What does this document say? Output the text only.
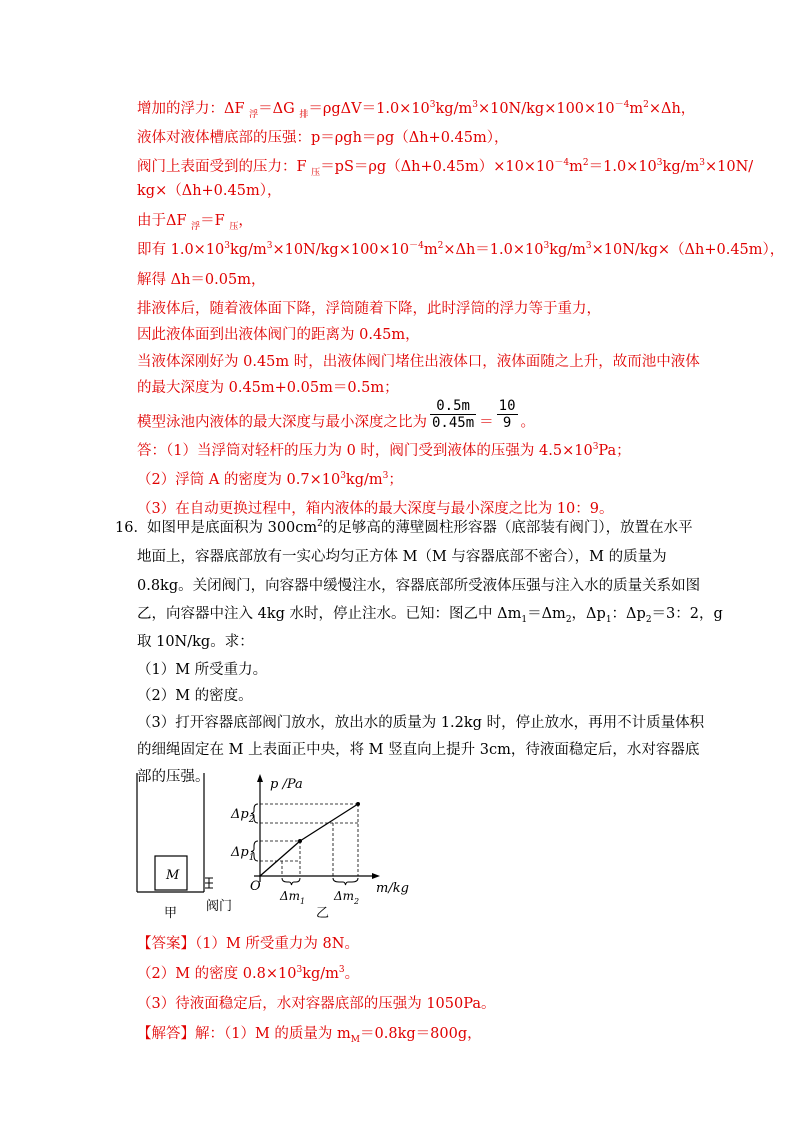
增加的浮力：ΔF $_浮$＝ΔG $_排=\rho g\Delta V=1.0\times 10^3kg/m^3\times 10N/kg\times 100\times 10^{-4}m^2\times\Delta h$，
液体对液体槽底部的压强：p＝ρgh＝ρg（Δh+0.45m），
阀门上表面受到的压力：F $_压=pS=\rho g(\Delta h+0.45m)\times 10\times 10^{-4}m^2=1.0\times 10^3kg/m^3\times 10N/$
kg×（Δh+0.45m），
由于ΔF $_浮$＝F $_压$，
即有 $1.0\times 10^3kg/m^3\times 10N/kg\times 100\times 10^{-4}m^2\times\Delta h=1.0\times 10^3kg/m^3\times 10N/kg\times(\Delta h+0.45m)$，
解得 Δh＝0.05m，
排液体后，随着液体面下降，浮筒随着下降，此时浮筒的浮力等于重力，
因此液体面到出液体阀门的距离为 0.45m，
当液体深刚好为 0.45m 时，出液体阀门堵住出液体口，液体面随之上升，故而池中液体
的最大深度为 0.45m+0.05m＝0.5m；
模型泳池内液体的最大深度与最小深度之比为 $\frac{0.5m}{0.45m} = \frac{10}{9}$ 。
答：（1）当浮筒对轻杆的压力为 0 时，阀门受到液体的压强为 $4.5\times 10^3Pa$；
（2）浮筒 A 的密度为 $0.7\times 10^3kg/m^3$；
（3）在自动更换过程中，箱内液体的最大深度与最小深度之比为 10：9。
16． 如图甲是底面积为 $300cm^2$的足够高的薄壁圆柱形容器（底部装有阀门），放置在水平
地面上，容器底部放有一实心均匀正方体 M（M 与容器底部不密合），M 的质量为
0.8kg。关闭阀门，向容器中缓慢注水，容器底部所受液体压强与注入水的质量关系如图
乙，向容器中注入 4kg 水时，停止注水。已知：图乙中 $\Delta m_1=\Delta m_2$，$\Delta p_1$：$\Delta p_2=3$：2，g
取 10N/kg。求：
（1）M 所受重力。
（2）M 的密度。
（3）打开容器底部阀门放水，放出水的质量为 1.2kg 时，停止放水，再用不计质量体积
的细绳固定在 M 上表面正中央，将 M 竖直向上提升 3cm，待液面稳定后，水对容器底
部的压强。
M
甲 阀门
p /Pa
m/kg
O
$\Delta p_2$
$\Delta p_1$
$\Delta m_1$ $\Delta m_2$
乙
【答案】（1）M 所受重力为 8N。
（2）M 的密度 $0.8\times 10^3kg/m^3$。
（3）待液面稳定后，水对容器底部的压强为 1050Pa。
【解答】解：（1）M 的质量为 $m_M=0.8kg=800g$，
